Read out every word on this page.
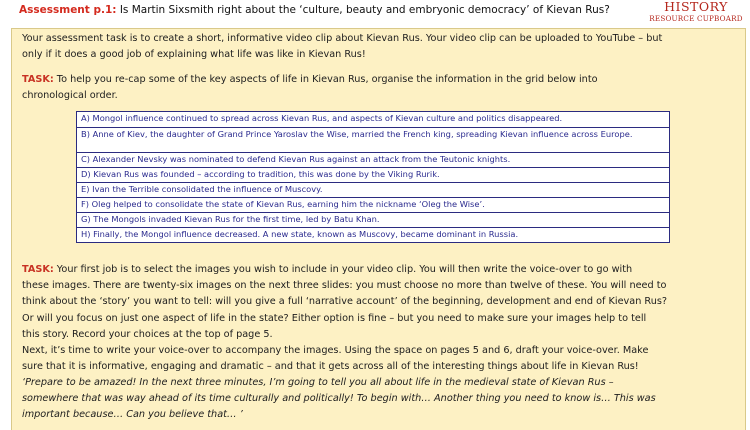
Assessment p.1: Is Martin Sixsmith right about the ‘culture, beauty and embryonic democracy’ of Kievan Rus?	HISTORY
RESOURCE CUPBOARD
Your assessment task is to create a short, informative video clip about Kievan Rus. Your video clip can be uploaded to YouTube – but
only if it does a good job of explaining what life was like in Kievan Rus!
TASK: To help you re-cap some of the key aspects of life in Kievan Rus, organise the information in the grid below into
chronological order.
A) Mongol influence continued to spread across Kievan Rus, and aspects of Kievan culture and politics disappeared.
B) Anne of Kiev, the daughter of Grand Prince Yaroslav the Wise, married the French king, spreading Kievan influence across Europe.
C) Alexander Nevsky was nominated to defend Kievan Rus against an attack from the Teutonic knights.
D) Kievan Rus was founded – according to tradition, this was done by the Viking Rurik.
E) Ivan the Terrible consolidated the influence of Muscovy.
F) Oleg helped to consolidate the state of Kievan Rus, earning him the nickname ‘Oleg the Wise’.
G) The Mongols invaded Kievan Rus for the first time, led by Batu Khan.
H) Finally, the Mongol influence decreased. A new state, known as Muscovy, became dominant in Russia.
TASK: Your first job is to select the images you wish to include in your video clip. You will then write the voice-over to go with
these images. There are twenty-six images on the next three slides: you must choose no more than twelve of these. You will need to
think about the ‘story’ you want to tell: will you give a full ‘narrative account’ of the beginning, development and end of Kievan Rus?
Or will you focus on just one aspect of life in the state? Either option is fine – but you need to make sure your images help to tell
this story. Record your choices at the top of page 5.
Next, it’s time to write your voice-over to accompany the images. Using the space on pages 5 and 6, draft your voice-over. Make
sure that it is informative, engaging and dramatic – and that it gets across all of the interesting things about life in Kievan Rus!
‘Prepare to be amazed! In the next three minutes, I’m going to tell you all about life in the medieval state of Kievan Rus –
somewhere that was way ahead of its time culturally and politically! To begin with… Another thing you need to know is… This was
important because… Can you believe that… ’
